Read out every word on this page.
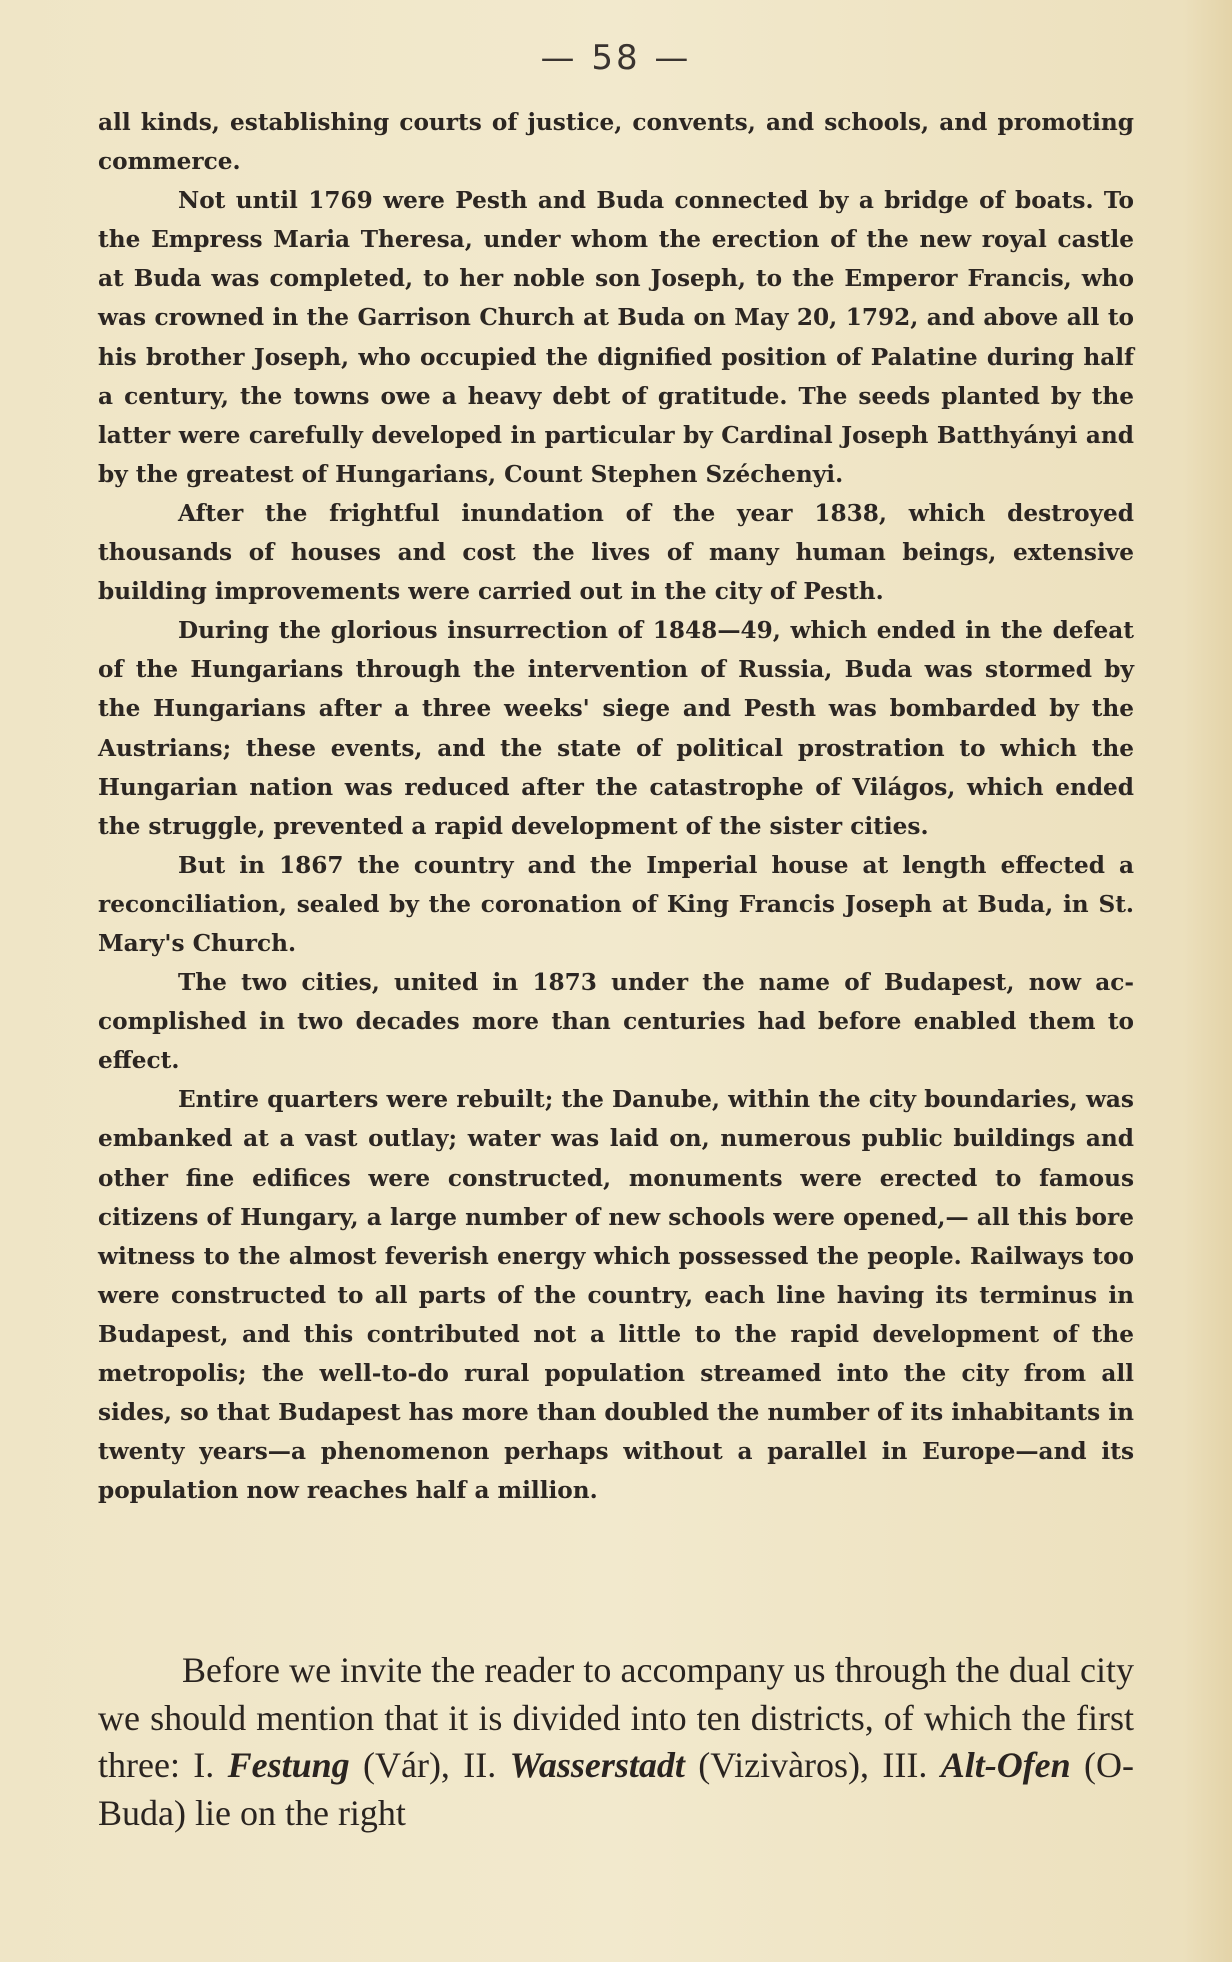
— 58 —

all kinds, establishing courts of justice, convents, and schools, and promoting commerce.

Not until 1769 were Pesth and Buda connected by a bridge of boats. To the Empress Maria Theresa, under whom the erection of the new royal castle at Buda was completed, to her noble son Joseph, to the Emperor Francis, who was crowned in the Garrison Church at Buda on May 20, 1792, and above all to his brother Joseph, who occupied the dignified position of Palatine during half a century, the towns owe a heavy debt of gratitude. The seeds planted by the latter were carefully developed in particular by Cardinal Joseph Batthyányi and by the greatest of Hungarians, Count Stephen Széchenyi.

After the frightful inundation of the year 1838, which destroyed thousands of houses and cost the lives of many human beings, extensive building improvements were carried out in the city of Pesth.

During the glorious insurrection of 1848—49, which ended in the defeat of the Hungarians through the intervention of Russia, Buda was stormed by the Hungarians after a three weeks' siege and Pesth was bombarded by the Austrians; these events, and the state of political prostration to which the Hungarian nation was reduced after the catastrophe of Világos, which ended the struggle, prevented a rapid development of the sister cities.

But in 1867 the country and the Imperial house at length effected a reconciliation, sealed by the coronation of King Francis Joseph at Buda, in St. Mary's Church.

The two cities, united in 1873 under the name of Budapest, now accomplished in two decades more than centuries had before enabled them to effect.

Entire quarters were rebuilt; the Danube, within the city boundaries, was embanked at a vast outlay; water was laid on, numerous public buildings and other fine edifices were constructed, monuments were erected to famous citizens of Hungary, a large number of new schools were opened,— all this bore witness to the almost feverish energy which possessed the people. Railways too were constructed to all parts of the country, each line having its terminus in Budapest, and this contributed not a little to the rapid development of the metropolis; the well-to-do rural population streamed into the city from all sides, so that Budapest has more than doubled the number of its inhabitants in twenty years—a phenomenon perhaps without a parallel in Europe—and its population now reaches half a million.

Before we invite the reader to accompany us through the dual city we should mention that it is divided into ten districts, of which the first three: I. Festung (Vár), II. Wasserstadt (Vizivàros), III. Alt-Ofen (O-Buda) lie on the right
